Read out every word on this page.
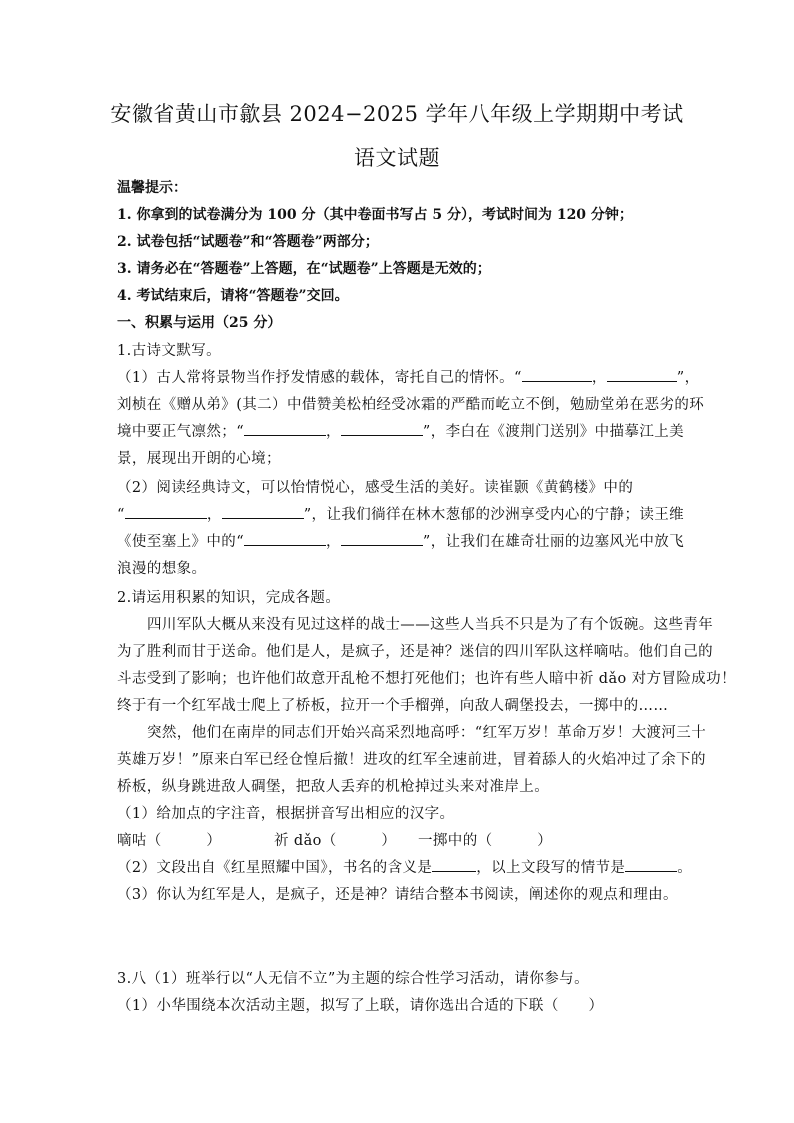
安徽省黄山市歙县 2024−2025 学年八年级上学期期中考试
语文试题
温馨提示：
1. 你拿到的试卷满分为 100 分（其中卷面书写占 5 分），考试时间为 120 分钟；
2. 试卷包括“试题卷”和“答题卷”两部分；
3. 请务必在“答题卷”上答题，在“试题卷”上答题是无效的；
4. 考试结束后，请将“答题卷”交回。
一、积累与运用（25 分）
1.古诗文默写。
（1）古人常将景物当作抒发情感的载体，寄托自己的情怀。“	，	”，
刘桢在《赠从弟》(其二）中借赞美松柏经受冰霜的严酷而屹立不倒，勉励堂弟在恶劣的环
境中要正气凛然；“	，	”，李白在《渡荆门送别》中描摹江上美
景，展现出开朗的心境；
（2）阅读经典诗文，可以怡情悦心，感受生活的美好。读崔颢《黄鹤楼》中的
“	，	”，让我们徜徉在林木葱郁的沙洲享受内心的宁静；读王维
《使至塞上》中的“	，	”，让我们在雄奇壮丽的边塞风光中放飞
浪漫的想象。
2.请运用积累的知识，完成各题。
四川军队大概从来没有见过这样的战士——这些人当兵不只是为了有个饭碗。这些青年
为了胜利而甘于送命。他们是人，是疯子，还是神？迷信的四川军队这样嘀咕。他们自己的
斗志受到了影响；也许他们故意开乱枪不想打死他们；也许有些人暗中祈 dǎo 对方冒险成功！
终于有一个红军战士爬上了桥板，拉开一个手榴弹，向敌人碉堡投去，一掷中的……
突然，他们在南岸的同志们开始兴高采烈地高呼：“红军万岁！革命万岁！大渡河三十
英雄万岁！”原来白军已经仓惶后撤！进攻的红军全速前进，冒着舔人的火焰冲过了余下的
桥板，纵身跳进敌人碉堡，把敌人丢弃的机枪掉过头来对准岸上。
（1）给加点的字注音，根据拼音写出相应的汉字。
嘀咕（　　　）	祈 dǎo（　　　） 一掷中的（　　　）
（2）文段出自《红星照耀中国》，书名的含义是	，以上文段写的情节是	。
（3）你认为红军是人，是疯子，还是神？请结合整本书阅读，阐述你的观点和理由。
3.八（1）班举行以“人无信不立”为主题的综合性学习活动，请你参与。
（1）小华围绕本次活动主题，拟写了上联，请你选出合适的下联（　　）
